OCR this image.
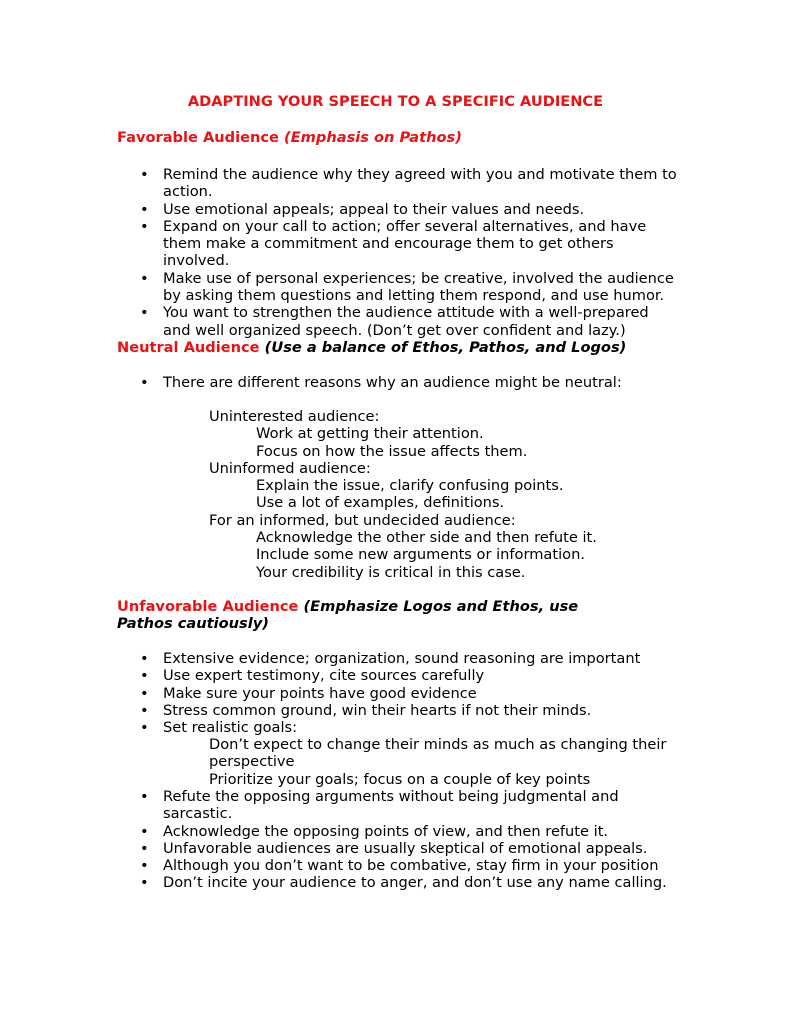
ADAPTING YOUR SPEECH TO A SPECIFIC AUDIENCE
Favorable Audience (Emphasis on Pathos)
• Remind the audience why they agreed with you and motivate them to action.
• Use emotional appeals; appeal to their values and needs.
• Expand on your call to action; offer several alternatives, and have them make a commitment and encourage them to get others involved.
• Make use of personal experiences; be creative, involved the audience by asking them questions and letting them respond, and use humor.
• You want to strengthen the audience attitude with a well-prepared and well organized speech. (Don’t get over confident and lazy.)
Neutral Audience (Use a balance of Ethos, Pathos, and Logos)
• There are different reasons why an audience might be neutral:
Uninterested audience:
Work at getting their attention.
Focus on how the issue affects them.
Uninformed audience:
Explain the issue, clarify confusing points.
Use a lot of examples, definitions.
For an informed, but undecided audience:
Acknowledge the other side and then refute it.
Include some new arguments or information.
Your credibility is critical in this case.
Unfavorable Audience (Emphasize Logos and Ethos, use Pathos cautiously)
• Extensive evidence; organization, sound reasoning are important
• Use expert testimony, cite sources carefully
• Make sure your points have good evidence
• Stress common ground, win their hearts if not their minds.
• Set realistic goals:
Don’t expect to change their minds as much as changing their perspective
Prioritize your goals; focus on a couple of key points
• Refute the opposing arguments without being judgmental and sarcastic.
• Acknowledge the opposing points of view, and then refute it.
• Unfavorable audiences are usually skeptical of emotional appeals.
• Although you don’t want to be combative, stay firm in your position
• Don’t incite your audience to anger, and don’t use any name calling.
